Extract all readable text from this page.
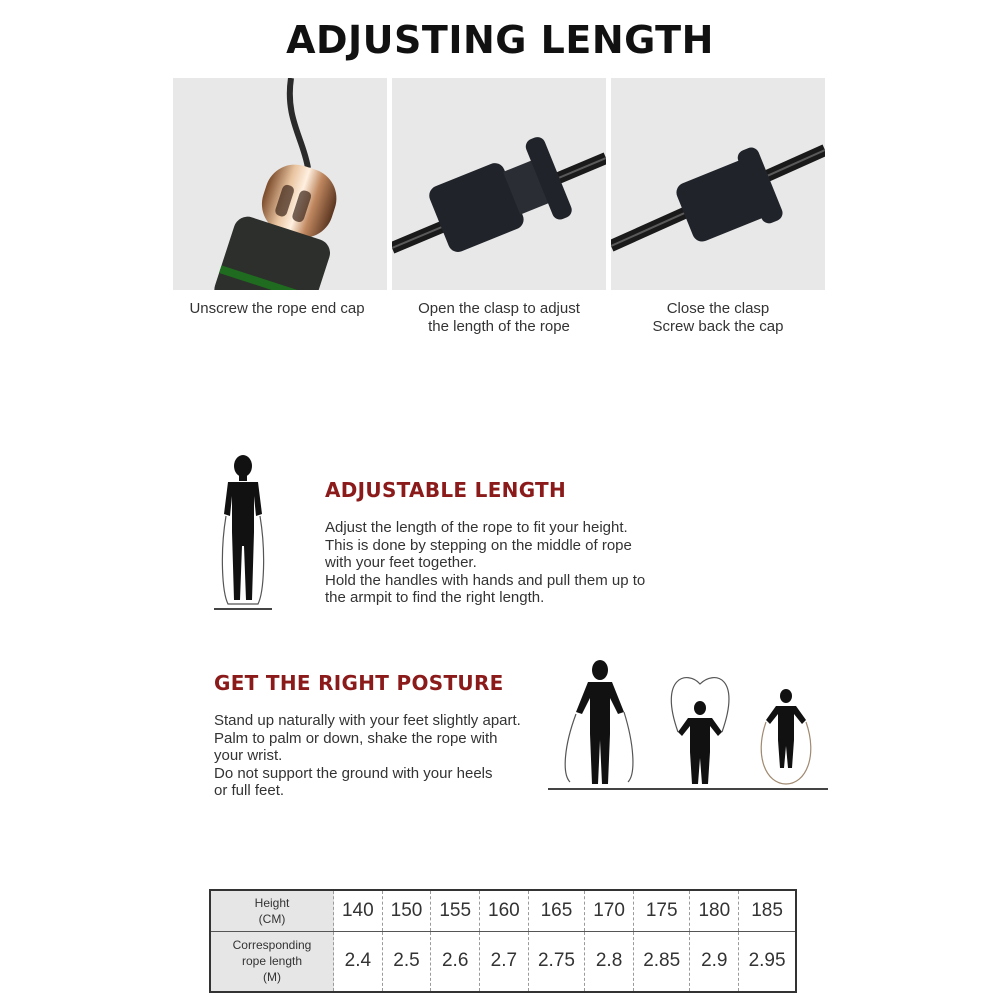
ADJUSTING LENGTH
Unscrew the rope end cap	Open the clasp to adjust
the length of the rope
Close the clasp
Screw back the cap
ADJUSTABLE LENGTH
Adjust the length of the rope to fit your height.
This is done by stepping on the middle of rope
with your feet together.
Hold the handles with hands and pull them up to
the armpit to find the right length.
GET THE RIGHT POSTURE
Stand up naturally with your feet slightly apart.
Palm to palm or down, shake the rope with
your wrist.
Do not support the ground with your heels
or full feet.
Height
(CM)	140	150	155	160	165	170	175	180	185

Corresponding
rope length
(M)	2.4	2.5	2.6	2.7	2.75	2.8	2.85	2.9	2.95
